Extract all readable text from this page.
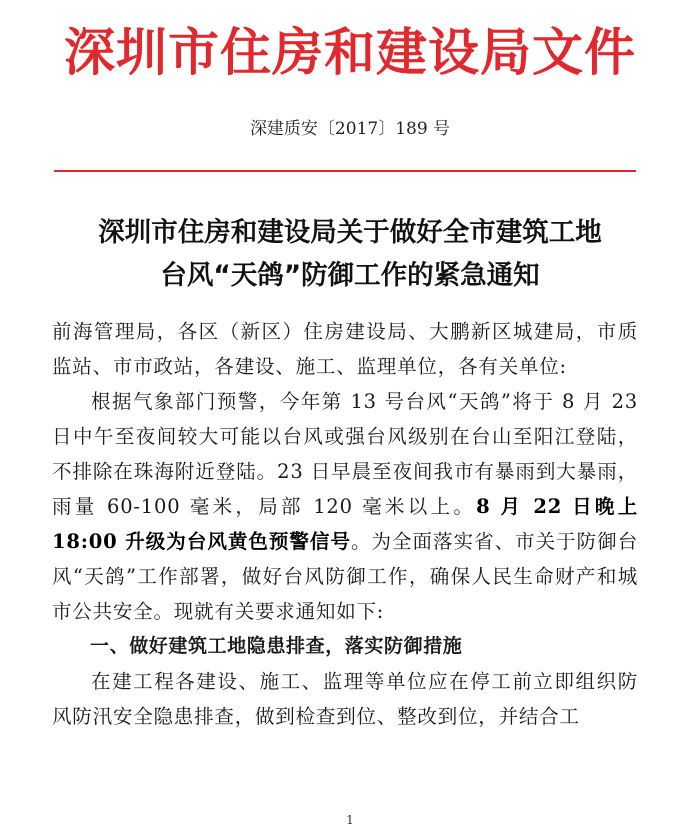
深圳市住房和建设局文件
深建质安〔2017〕189 号
深圳市住房和建设局关于做好全市建筑工地
台风“天鸽”防御工作的紧急通知

前海管理局，各区（新区）住房建设局、大鹏新区城建局，市质监站、市市政站，各建设、施工、监理单位，各有关单位:

根据气象部门预警，今年第 13 号台风“天鸽”将于 8 月 23 日中午至夜间较大可能以台风或强台风级别在台山至阳江登陆，不排除在珠海附近登陆。23 日早晨至夜间我市有暴雨到大暴雨，雨量 60-100 毫米，局部 120 毫米以上。8 月 22 日晚上 18:00 升级为台风黄色预警信号。为全面落实省、市关于防御台风“天鸽”工作部署，做好台风防御工作，确保人民生命财产和城市公共安全。现就有关要求通知如下:

一、做好建筑工地隐患排查，落实防御措施

在建工程各建设、施工、监理等单位应在停工前立即组织防风防汛安全隐患排查，做到检查到位、整改到位，并结合工

1
